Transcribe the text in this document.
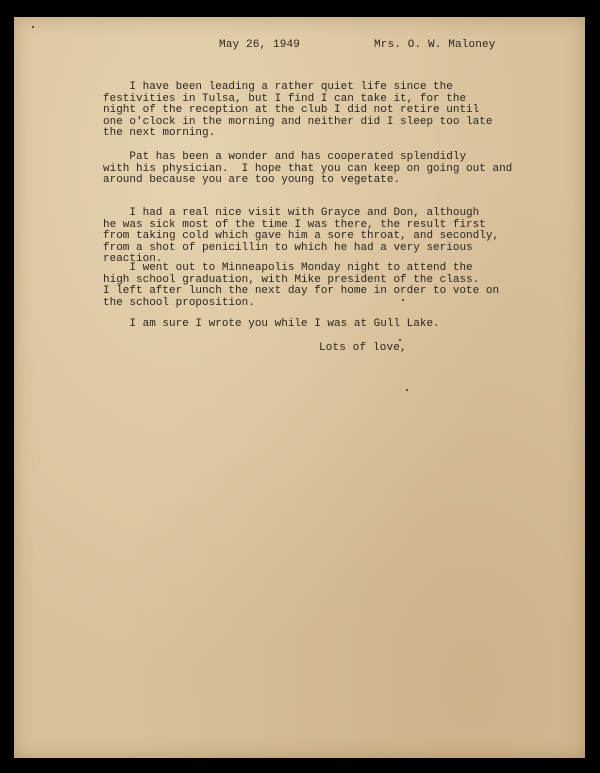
May 26, 1949	Mrs. O. W. Maloney

I have been leading a rather quiet life since the
festivities in Tulsa, but I find I can take it, for the
night of the reception at the club I did not retire until
one o'clock in the morning and neither did I sleep too late
the next morning.
Pat has been a wonder and has cooperated splendidly
with his physician.  I hope that you can keep on going out and
around because you are too young to vegetate.
I had a real nice visit with Grayce and Don, although
he was sick most of the time I was there, the result first
from taking cold which gave him a sore throat, and secondly,
from a shot of penicillin to which he had a very serious
reaction.
I went out to Minneapolis Monday night to attend the
high school graduation, with Mike president of the class.
I left after lunch the next day for home in order to vote on
the school proposition.
I am sure I wrote you while I was at Gull Lake.

Lots of love,
